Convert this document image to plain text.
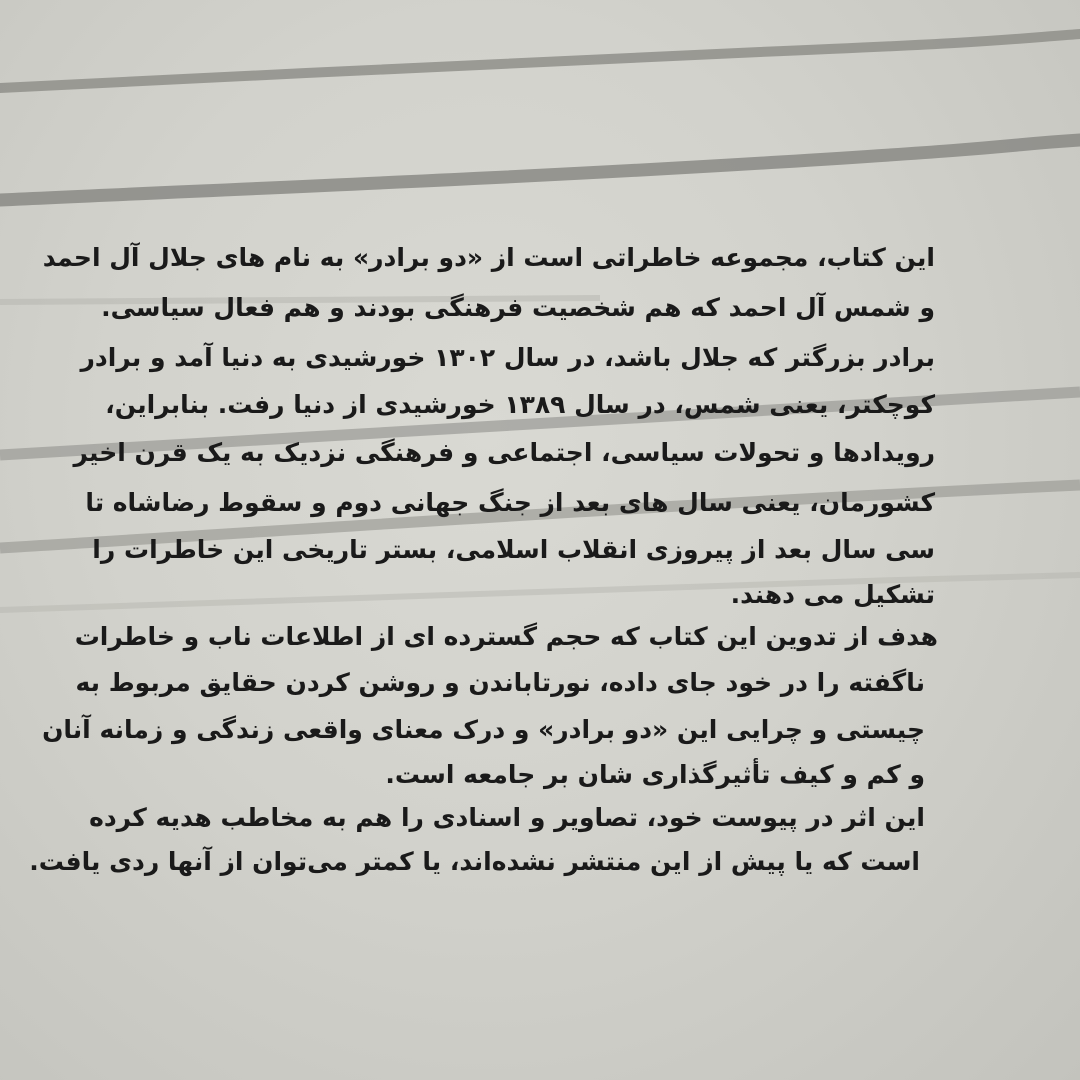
این کتاب، مجموعه خاطراتی است از «دو برادر» به نام های جلال آل احمد
و شمس آل احمد که هم شخصیت فرهنگی بودند و هم فعال سیاسی.
برادر بزرگتر که جلال باشد، در سال ۱۳۰۲ خورشیدی به دنیا آمد و برادر
کوچکتر، یعنی شمس، در سال ۱۳۸۹ خورشیدی از دنیا رفت. بنابراین،
رویدادها و تحولات سیاسی، اجتماعی و فرهنگی نزدیک به یک قرن اخیر
کشورمان، یعنی سال های بعد از جنگ جهانی دوم و سقوط رضاشاه تا
سی سال بعد از پیروزی انقلاب اسلامی، بستر تاریخی این خاطرات را
تشکیل می دهند.
هدف از تدوین این کتاب که حجم گسترده ای از اطلاعات ناب و خاطرات
ناگفته را در خود جای داده، نورتاباندن و روشن کردن حقایق مربوط به
چیستی و چرایی این «دو برادر» و درک معنای واقعی زندگی و زمانه آنان
و کم و کیف تأثیرگذاری شان بر جامعه است.
این اثر در پیوست خود، تصاویر و اسنادی را هم به مخاطب هدیه کرده
است که یا پیش از این منتشر نشده‌اند، یا کمتر می‌توان از آنها ردی یافت.
